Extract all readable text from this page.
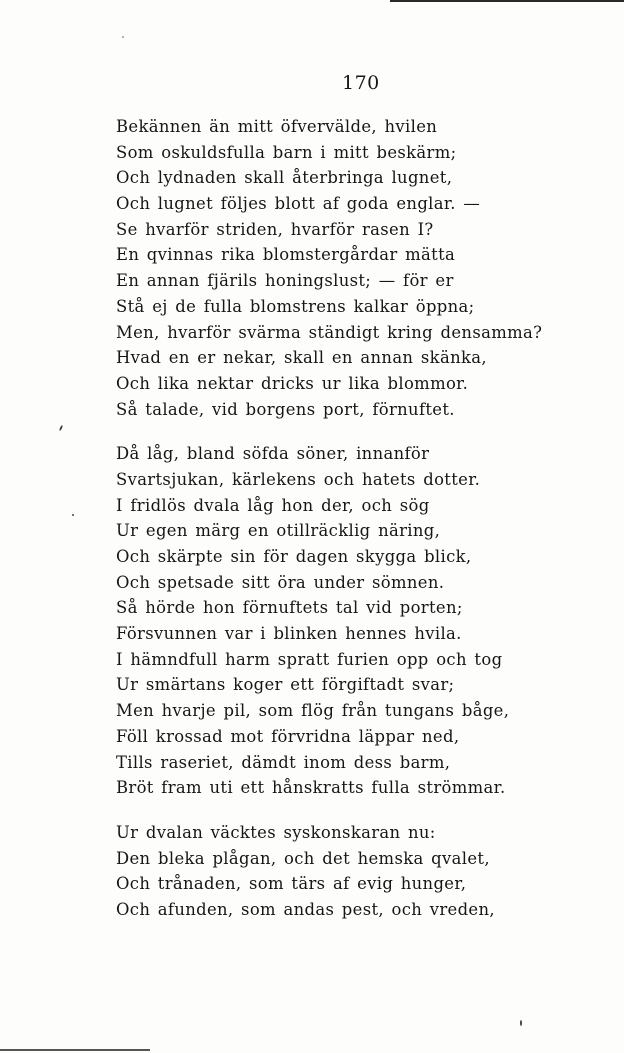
170
Bekännen än mitt öfvervälde, hvilen
Som oskuldsfulla barn i mitt beskärm;
Och lydnaden skall återbringa lugnet,
Och lugnet följes blott af goda englar. —
Se hvarför striden, hvarför rasen I?
En qvinnas rika blomstergårdar mätta
En annan fjärils honingslust; — för er
Stå ej de fulla blomstrens kalkar öppna;
Men, hvarför svärma ständigt kring densamma?
Hvad en er nekar, skall en annan skänka,
Och lika nektar dricks ur lika blommor.
Så talade, vid borgens port, förnuftet.
Då låg, bland söfda söner, innanför
Svartsjukan, kärlekens och hatets dotter.
I fridlös dvala låg hon der, och sög
Ur egen märg en otillräcklig näring,
Och skärpte sin för dagen skygga blick,
Och spetsade sitt öra under sömnen.
Så hörde hon förnuftets tal vid porten;
Försvunnen var i blinken hennes hvila.
I hämndfull harm spratt furien opp och tog
Ur smärtans koger ett förgiftadt svar;
Men hvarje pil, som flög från tungans båge,
Föll krossad mot förvridna läppar ned,
Tills raseriet, dämdt inom dess barm,
Bröt fram uti ett hånskratts fulla strömmar.
Ur dvalan väcktes syskonskaran nu:
Den bleka plågan, och det hemska qvalet,
Och trånaden, som tärs af evig hunger,
Och afunden, som andas pest, och vreden,
